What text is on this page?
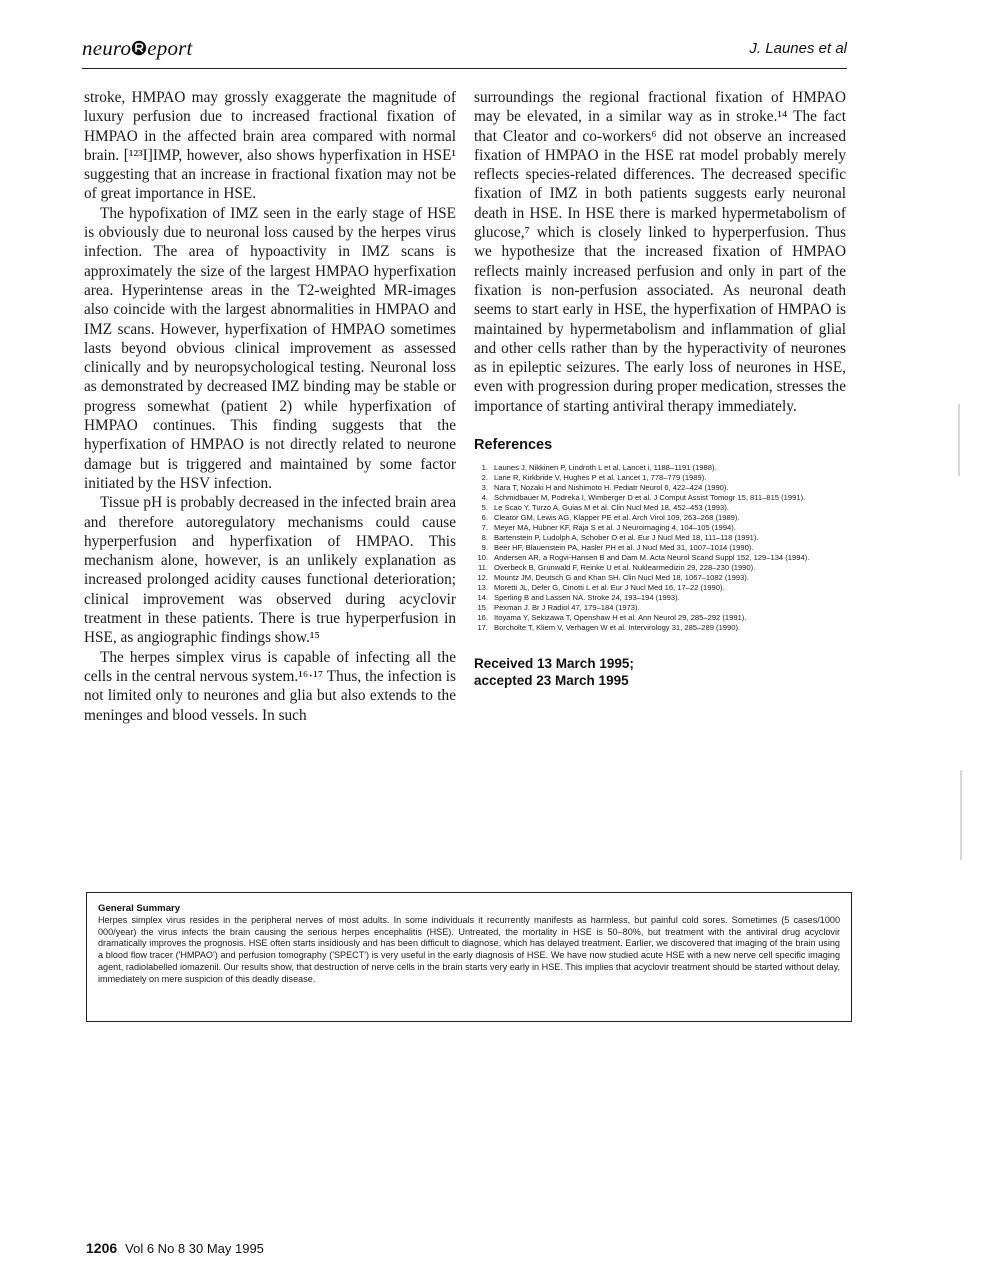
neuro eport	J. Launes et al

stroke, HMPAO may grossly exaggerate the magnitude of luxury perfusion due to increased fractional fixation of HMPAO in the affected brain area compared with normal brain. [¹²³I]IMP, however, also shows hyperfixation in HSE¹ suggesting that an increase in fractional fixation may not be of great importance in HSE.

The hypofixation of IMZ seen in the early stage of HSE is obviously due to neuronal loss caused by the herpes virus infection. The area of hypoactivity in IMZ scans is approximately the size of the largest HMPAO hyperfixation area. Hyperintense areas in the T2-weighted MR-images also coincide with the largest abnormalities in HMPAO and IMZ scans. However, hyperfixation of HMPAO sometimes lasts beyond obvious clinical improvement as assessed clinically and by neuropsychological testing. Neuronal loss as demonstrated by decreased IMZ binding may be stable or progress somewhat (patient 2) while hyperfixation of HMPAO continues. This finding suggests that the hyperfixation of HMPAO is not directly related to neurone damage but is triggered and maintained by some factor initiated by the HSV infection.

Tissue pH is probably decreased in the infected brain area and therefore autoregulatory mechanisms could cause hyperperfusion and hyperfixation of HMPAO. This mechanism alone, however, is an unlikely explanation as increased prolonged acidity causes functional deterioration; clinical improvement was observed during acyclovir treatment in these patients. There is true hyperperfusion in HSE, as angiographic findings show.¹⁵

The herpes simplex virus is capable of infecting all the cells in the central nervous system.¹⁶·¹⁷ Thus, the infection is not limited only to neurones and glia but also extends to the meninges and blood vessels. In such

surroundings the regional fractional fixation of HMPAO may be elevated, in a similar way as in stroke.¹⁴ The fact that Cleator and co-workers⁶ did not observe an increased fixation of HMPAO in the HSE rat model probably merely reflects species-related differences. The decreased specific fixation of IMZ in both patients suggests early neuronal death in HSE. In HSE there is marked hypermetabolism of glucose,⁷ which is closely linked to hyperperfusion. Thus we hypothesize that the increased fixation of HMPAO reflects mainly increased perfusion and only in part of the fixation is non-perfusion associated. As neuronal death seems to start early in HSE, the hyperfixation of HMPAO is maintained by hypermetabolism and inflammation of glial and other cells rather than by the hyperactivity of neurones as in epileptic seizures. The early loss of neurones in HSE, even with progression during proper medication, stresses the importance of starting antiviral therapy immediately.

References
1. Launes J, Nikkinen P, Lindroth L et al. Lancet i, 1188–1191 (1988).
2. Lane R, Kirkbride V, Hughes P et al. Lancet 1, 778–779 (1989).
3. Nara T, Nozaki H and Nishimoto H. Pediatr Neurol 6, 422–424 (1990).
4. Schmidbauer M, Podreka I, Wimberger D et al. J Comput Assist Tomogr 15, 811–815 (1991).
5. Le Scao Y, Turzo A, Guias M et al. Clin Nucl Med 18, 452–453 (1993).
6. Cleator GM, Lewis AG, Klapper PE et al. Arch Virol 109, 263–268 (1989).
7. Meyer MA, Hubner KF, Raja S et al. J Neuroimaging 4, 104–105 (1994).
8. Bartenstein P, Ludolph A, Schober O et al. Eur J Nucl Med 18, 111–118 (1991).
9. Beer HF, Blauenstein PA, Hasler PH et al. J Nucl Med 31, 1007–1014 (1990).
10. Andersen AR, a Rogvi-Hansen B and Dam M. Acta Neurol Scand Suppl 152, 129–134 (1994).
11. Overbeck B, Grunwald F, Reinke U et al. Nuklearmedizin 29, 228–230 (1990).
12. Mountz JM, Deutsch G and Khan SH. Clin Nucl Med 18, 1067–1082 (1993).
13. Moretti JL, Defer G, Cinotti L et al. Eur J Nucl Med 16, 17–22 (1990).
14. Sperling B and Lassen NA. Stroke 24, 193–194 (1993).
15. Pexman J. Br J Radiol 47, 179–184 (1973).
16. Itoyama Y, Sekizawa T, Openshaw H et al. Ann Neurol 29, 285–292 (1991).
17. Borcholte T, Kliem V, Verhagen W et al. Intervirology 31, 285–289 (1990).
Received 13 March 1995;
accepted 23 March 1995
General Summary
Herpes simplex virus resides in the peripheral nerves of most adults. In some individuals it recurrently manifests as harmless, but painful cold sores. Sometimes (5 cases/1000 000/year) the virus infects the brain causing the serious herpes encephalitis (HSE). Untreated, the mortality in HSE is 50–80%, but treatment with the antiviral drug acyclovir dramatically improves the prognosis. HSE often starts insidiously and has been difficult to diagnose, which has delayed treatment. Earlier, we discovered that imaging of the brain using a blood flow tracer ('HMPAO') and perfusion tomography ('SPECT') is very useful in the early diagnosis of HSE. We have now studied acute HSE with a new nerve cell specific imaging agent, radiolabelled iomazenil. Our results show, that destruction of nerve cells in the brain starts very early in HSE. This implies that acyclovir treatment should be started without delay, immediately on mere suspicion of this deadly disease.
1206 Vol 6 No 8 30 May 1995
